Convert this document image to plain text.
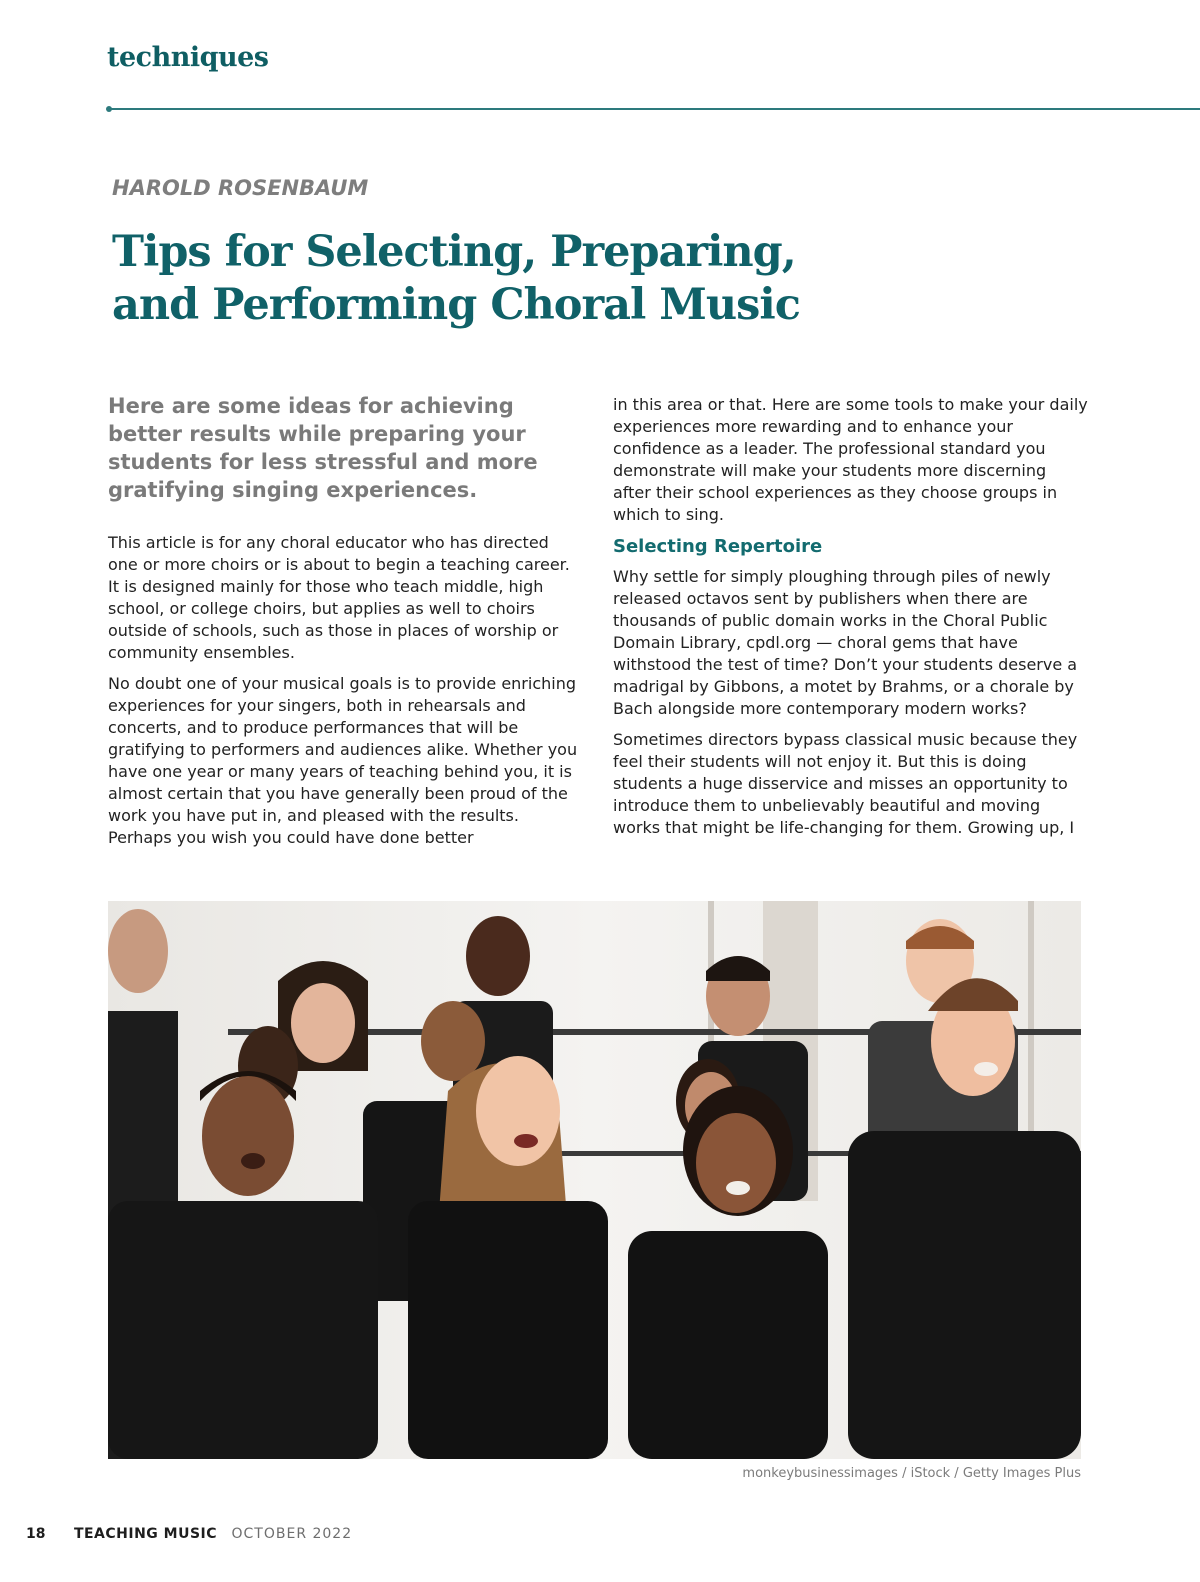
techniques
HAROLD ROSENBAUM
Tips for Selecting, Preparing,
and Performing Choral Music

Here are some ideas for achieving better results while preparing your students for less stressful and more gratifying singing experiences.

This article is for any choral educator who has directed one or more choirs or is about to begin a teaching career. It is designed mainly for those who teach middle, high school, or college choirs, but applies as well to choirs outside of schools, such as those in places of worship or community ensembles.

No doubt one of your musical goals is to provide enriching experiences for your singers, both in rehearsals and concerts, and to produce performances that will be gratifying to performers and audiences alike. Whether you have one year or many years of teaching behind you, it is almost certain that you have generally been proud of the work you have put in, and pleased with the results. Perhaps you wish you could have done better

in this area or that. Here are some tools to make your daily experiences more rewarding and to enhance your confidence as a leader. The professional standard you demonstrate will make your students more discerning after their school experiences as they choose groups in which to sing.

Selecting Repertoire

Why settle for simply ploughing through piles of newly released octavos sent by publishers when there are thousands of public domain works in the Choral Public Domain Library, cpdl.org — choral gems that have withstood the test of time? Don’t your students deserve a madrigal by Gibbons, a motet by Brahms, or a chorale by Bach alongside more contemporary modern works?

Sometimes directors bypass classical music because they feel their students will not enjoy it. But this is doing students a huge disservice and misses an opportunity to introduce them to unbelievably beautiful and moving works that might be life-changing for them. Growing up, I

monkeybusinessimages / iStock / Getty Images Plus
18 TEACHING MUSIC OCTOBER 2022
